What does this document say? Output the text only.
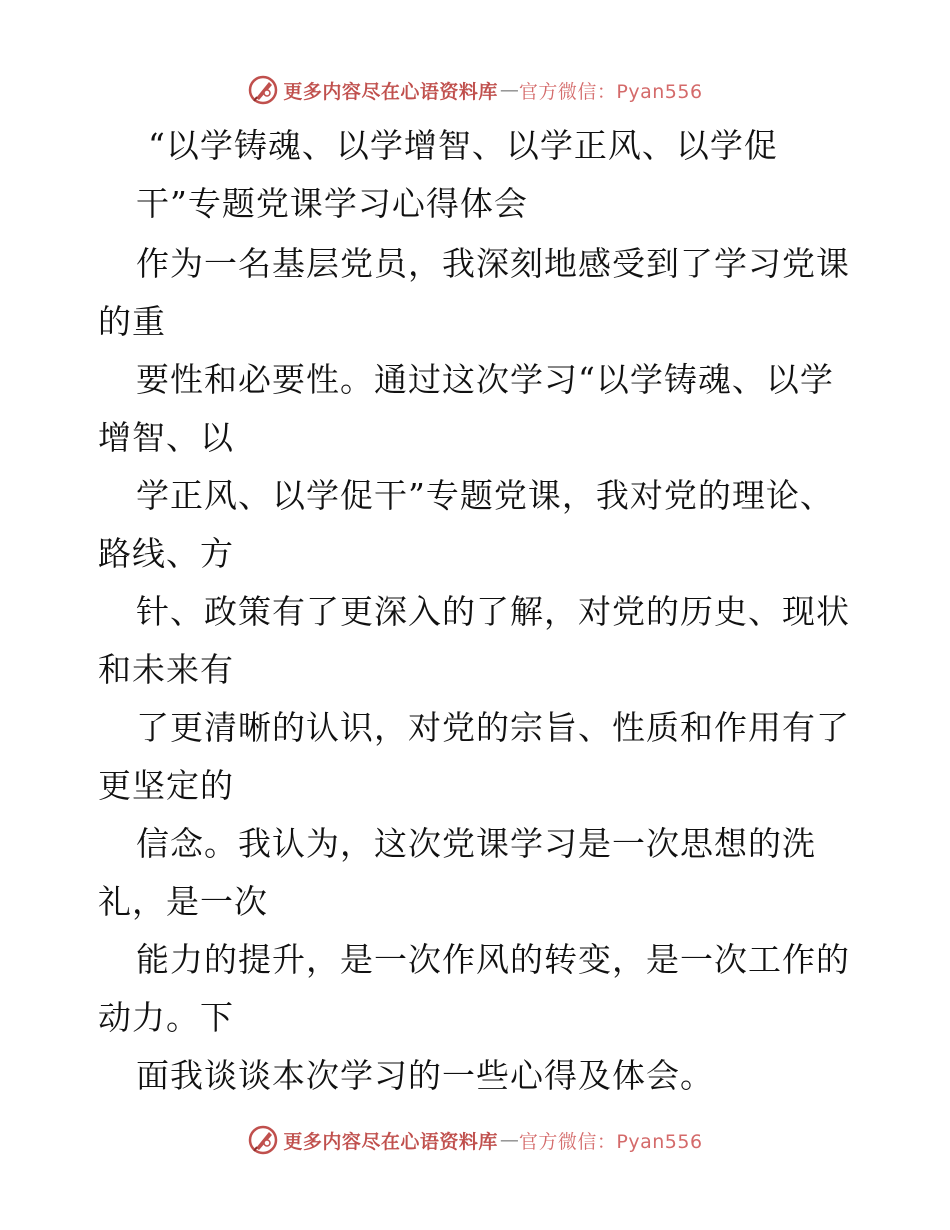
更多内容尽在心语资料库 — 官方微信：Pyan556
“以学铸魂、以学增智、以学正风、以学促
干”专题党课学习心得体会
作为一名基层党员，我深刻地感受到了学习党课
的重
要性和必要性。通过这次学习“以学铸魂、以学
增智、以
学正风、以学促干”专题党课，我对党的理论、
路线、方
针、政策有了更深入的了解，对党的历史、现状
和未来有
了更清晰的认识，对党的宗旨、性质和作用有了
更坚定的
信念。我认为，这次党课学习是一次思想的洗
礼，是一次
能力的提升，是一次作风的转变，是一次工作的
动力。下
面我谈谈本次学习的一些心得及体会。
更多内容尽在心语资料库 — 官方微信：Pyan556
